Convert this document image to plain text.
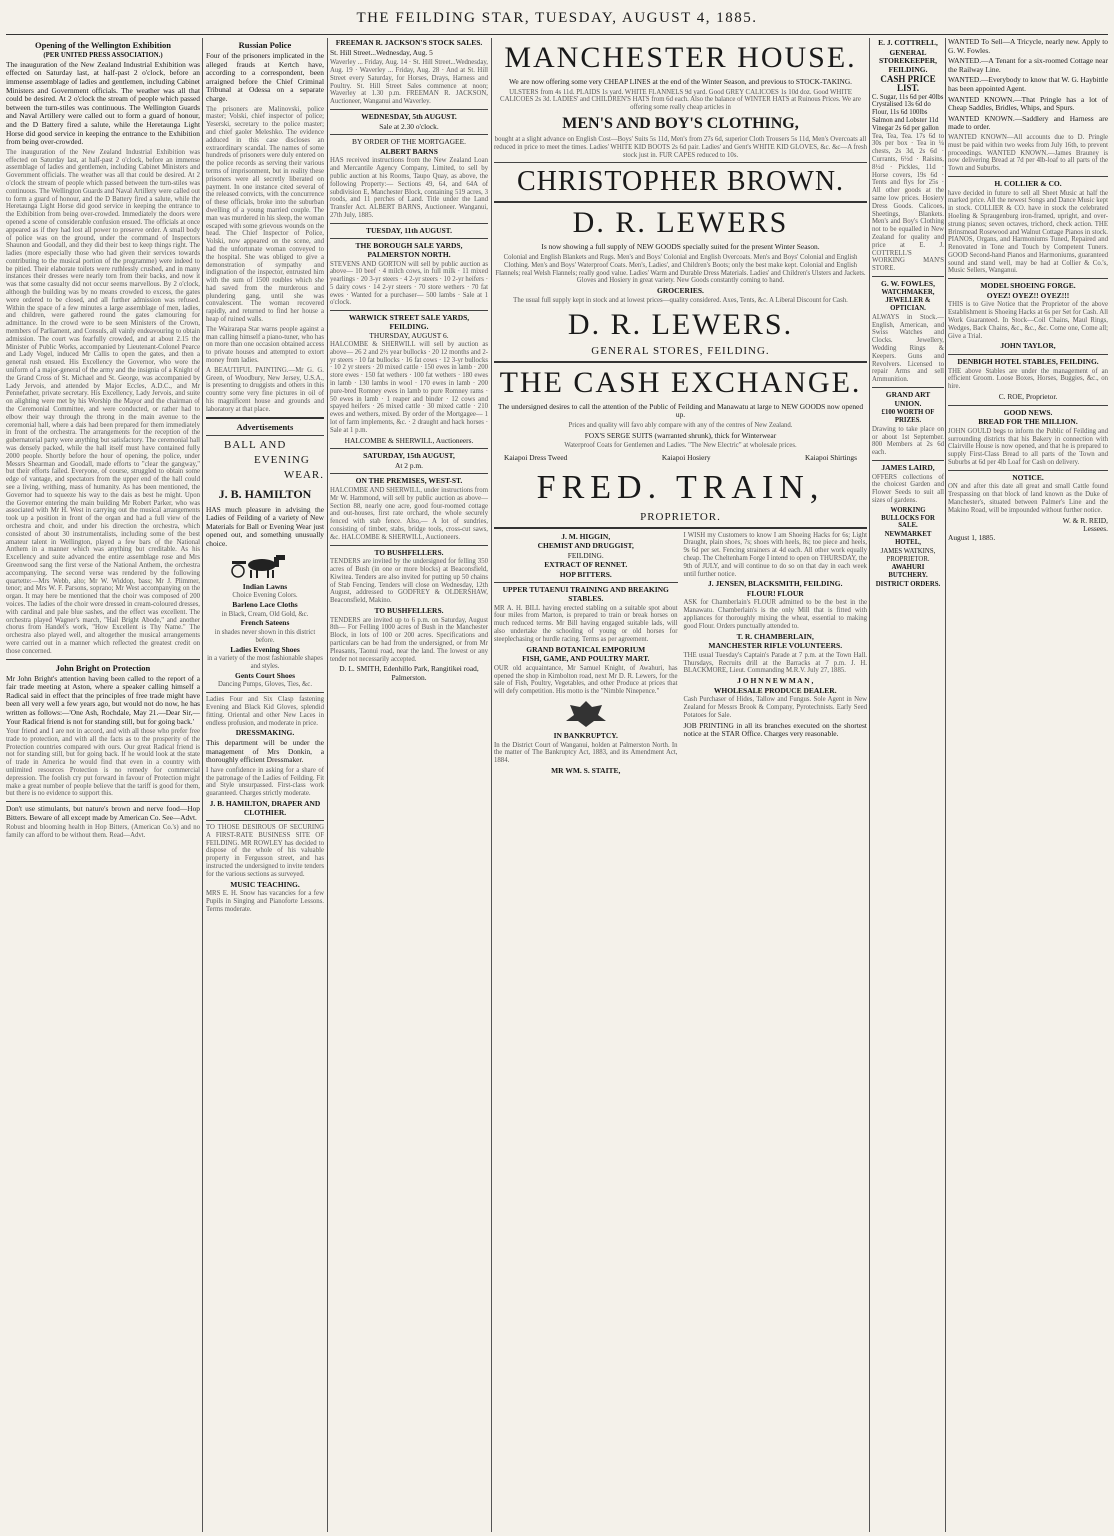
THE FEILDING STAR, TUESDAY, AUGUST 4, 1885.
Opening of the Wellington Exhibition
(PER UNITED PRESS ASSOCIATION.)

The inauguration of the New Zealand Industrial Exhibition was effected on Saturday last, at half-past 2 o'clock, before an immense assemblage of ladies and gentlemen, including Cabinet Ministers and Government officials. The weather was all that could be desired. At 2 o'clock the stream of people which passed between the turn-stiles was continuous. The Wellington Guards and Naval Artillery were called out to form a guard of honour, and the D Battery fired a salute, while the Heretaunga Light Horse did good service in keeping the entrance to the Exhibition from being over-crowded.

The inauguration of the New Zealand Industrial Exhibition was effected on Saturday last, at half-past 2 o'clock, before an immense assemblage of ladies and gentlemen, including Cabinet Ministers and Government officials. The weather was all that could be desired. At 2 o'clock the stream of people which passed between the turn-stiles was continuous. The Wellington Guards and Naval Artillery were called out to form a guard of honour, and the D Battery fired a salute, while the Heretaunga Light Horse did good service in keeping the entrance to the Exhibition from being over-crowded. Immediately the doors were opened a scene of considerable confusion ensued. The officials at once appeared as if they had lost all power to preserve order. A small body of police was on the ground, under the command of Inspectors Shaunon and Goodall, and they did their best to keep things right. The ladies (more especially those who had given their services towards contributing to the musical portion of the programme) were indeed to be pitied. Their elaborate toilets were ruthlessly crushed, and in many instances their dresses were nearly torn from their backs, and now it was that some casualty did not occur seems marvellous. By 2 o'clock, although the building was by no means crowded to excess, the gates were ordered to be closed, and all further admission was refused. Within the space of a few minutes a large assemblage of men, ladies, and children, were gathered round the gates clamouring for admittance. In the crowd were to be seen Ministers of the Crown, members of Parliament, and Consuls, all vainly endeavouring to obtain admission. The court was fearfully crowded, and at about 2.15 the Minister of Public Works, accompanied by Lieutenant-Colonel Pearce and Lady Vogel, induced Mr Callis to open the gates, and then a general rush ensued. His Excellency the Governor, who wore the uniform of a major-general of the army and the insignia of a Knight of the Grand Cross of St. Michael and St. George, was accompanied by Lady Jervois, and attended by Major Eccles, A.D.C., and Mr Pennefather, private secretary. His Excellency, Lady Jervois, and suite on alighting were met by his Worship the Mayor and the chairman of the Ceremonial Committee, and were conducted, or rather had to elbow their way through the throng in the main avenue to the ceremonial hall, where a dais had been prepared for them immediately in front of the orchestra. The arrangements for the reception of the gubernatorial party were anything but satisfactory. The ceremonial hall was densely packed, while the hall itself must have contained fully 2000 people. Shortly before the hour of opening, the police, under Messrs Shearman and Goodall, made efforts to "clear the gangway," but their efforts failed. Everyone, of course, struggled to obtain some edge of vantage, and spectators from the upper end of the hall could see a living, writhing, mass of humanity. As has been mentioned, the Governor had to squeeze his way to the dais as best he might. Upon the Governor entering the main building Mr Robert Parker, who was associated with Mr H. West in carrying out the musical arrangements took up a position in front of the organ and had a full view of the orchestra and choir, and under his direction the orchestra, which consisted of about 30 instrumentalists, including some of the best amateur talent in Wellington, played a few bars of the National Anthem in a manner which was anything but creditable. As his Excellency and suite advanced the entire assemblage rose and Mrs Greenwood sang the first verse of the National Anthem, the orchestra accompanying. The second verse was rendered by the following quartette:—Mrs Webb, alto; Mr W. Widdop, bass; Mr J. Plimmer, tenor; and Mrs W. F. Parsons, soprano; Mr West accompanying on the organ. It may here be mentioned that the choir was composed of 200 voices. The ladies of the choir were dressed in cream-coloured dresses, with cardinal and pale blue sashes, and the effect was excellent. The orchestra played Wagner's march, "Hail Bright Abode," and another chorus from Handel's work, "How Excellent is Thy Name." The orchestra also played well, and altogether the musical arrangements were carried out in a manner which reflected the greatest credit on those concerned.

John Bright on Protection

Mr John Bright's attention having been called to the report of a fair trade meeting at Aston, where a speaker calling himself a Radical said in effect that the principles of free trade might have been all very well a few years ago, but would not do now, he has written as follows:—'One Ash, Rochdale, May 21.—Dear Sir,—Your Radical friend is not for standing still, but for going back.'

Your friend and I are not in accord, and with all those who prefer free trade to protection, and with all the facts as to the prosperity of the Protection countries compared with ours. Our great Radical friend is not for standing still, but for going back. If he would look at the state of trade in America he would find that even in a country with unlimited resources Protection is no remedy for commercial depression. The foolish cry put forward in favour of Protection might make a great number of people believe that the tariff is good for them, but there is no evidence to support this.

Don't use stimulants, but nature's brown and nerve food—Hop Bitters. Beware of all except made by American Co. See—Advt.

Robust and blooming health in Hop Bitters, (American Co.'s) and no family can afford to be without them. Read—Advt.

Russian Police

Four of the prisoners implicated in the alleged frauds at Kertch have, according to a correspondent, been arraigned before the Chief Criminal Tribunal at Odessa on a separate charge.

The prisoners are Malinovski, police master; Volski, chief inspector of police; Yeserski, secretary to the police master; and chief gaoler Meleshko. The evidence adduced in this case discloses an extraordinary scandal. The names of some hundreds of prisoners were duly entered on the police records as serving their various terms of imprisonment, but in reality these prisoners were all secretly liberated on payment. In one instance cited several of the released convicts, with the concurrence of these officials, broke into the suburban dwelling of a young married couple. The man was murdered in his sleep, the woman escaped with some grievous wounds on the head. The Chief Inspector of Police, Volski, now appeared on the scene, and had the unfortunate woman conveyed to the hospital. She was obliged to give a demonstration of sympathy and indignation of the inspector, entrusted him with the sum of 1500 roubles which she had saved from the murderous and plundering gang, until she was convalescent. The woman recovered rapidly, and returned to find her house a heap of ruined walls.

The Wairarapa Star warns people against a man calling himself a piano-tuner, who has on more than one occasion obtained access to private houses and attempted to extort money from ladies.

A BEAUTIFUL PAINTING.—Mr G. G. Green, of Woodbury, New Jersey, U.S.A., is presenting to druggists and others in this country some very fine pictures in oil of his magnificent house and grounds and laboratory at that place.

Advertisements
BALL AND
EVENING
WEAR.
J. B. HAMILTON

HAS much pleasure in advising the Ladies of Feilding of a variety of New Materials for Ball or Evening Wear just opened out, and something unusually choice.

Indian Lawns
Choice Evening Colors.
Barleno Lace Cloths
in Black, Cream, Old Gold, &c.
French Sateens
in shades never shown in this district before.
Ladies Evening Shoes
in a variety of the most fashionable shapes and styles.
Gents Court Shoes
Dancing Pumps, Gloves, Ties, &c.

Ladies Four and Six Clasp fastening Evening and Black Kid Gloves, splendid fitting. Oriental and other New Laces in endless profusion, and moderate in price.

DRESSMAKING.

This department will be under the management of Mrs Donkin, a thoroughly efficient Dressmaker.

I have confidence in asking for a share of the patronage of the Ladies of Feilding. Fit and Style unsurpassed. First-class work guaranteed. Charges strictly moderate.

J. B. HAMILTON, DRAPER AND CLOTHIER.

TO THOSE DESIROUS OF SECURING A FIRST-RATE BUSINESS SITE OF FEILDING. MR ROWLEY has decided to dispose of the whole of his valuable property in Fergusson street, and has instructed the undersigned to invite tenders for the various sections as surveyed.

MUSIC TEACHING.

MRS E. H. Snow has vacancies for a few Pupils in Singing and Pianoforte Lessons. Terms moderate.

FREEMAN R. JACKSON'S STOCK SALES.

St. Hill Street...Wednesday, Aug. 5

Waverley ... Friday, Aug. 14 · St. Hill Street...Wednesday, Aug. 19 · Waverley ... Friday, Aug. 28 · And at St. Hill Street every Saturday, for Horses, Drays, Harness and Poultry. St. Hill Street Sales commence at noon; Waverley at 1.30 p.m. FREEMAN R. JACKSON, Auctioneer, Wanganui and Waverley.

WEDNESDAY, 5th AUGUST.
Sale at 2.30 o'clock.
BY ORDER OF THE MORTGAGEE.
ALBERT BARNS

HAS received instructions from the New Zealand Loan and Mercantile Agency Company, Limited, to sell by public auction at his Rooms, Taupo Quay, as above, the following Property:— Sections 49, 64, and 64A of subdivision E, Manchester Block, containing 519 acres, 3 roods, and 11 perches of Land. Title under the Land Transfer Act. ALBERT BARNS, Auctioneer. Wanganui, 27th July, 1885.

TUESDAY, 11th AUGUST.
THE BOROUGH SALE YARDS, PALMERSTON NORTH.

STEVENS AND GORTON will sell by public auction as above— 10 beef · 4 milch cows, in full milk · 11 mixed yearlings · 20 3-yr steers · 4 2-yr steers · 10 2-yr heifers · 5 dairy cows · 14 2-yr steers · 70 store wethers · 70 fat ewes · Wanted for a purchaser— 500 lambs · Sale at 1 o'clock.

WARWICK STREET SALE YARDS, FEILDING.
THURSDAY, AUGUST 6.

HALCOMBE & SHERWILL will sell by auction as above— 26 2 and 2½ year bullocks · 20 12 months and 2-yr steers · 10 fat bullocks · 16 fat cows · 12 3-yr bullocks · 10 2 yr steers · 20 mixed cattle · 150 ewes in lamb · 200 store ewes · 150 fat wethers · 100 fat wethers · 180 ewes in lamb · 130 lambs in wool · 170 ewes in lamb · 200 pure-bred Romney ewes in lamb to pure Romney rams · 50 ewes in lamb · 1 reaper and binder · 12 cows and spayed heifers · 26 mixed cattle · 30 mixed cattle · 210 ewes and wethers, mixed. By order of the Mortgagee— 1 lot of farm implements, &c. · 2 draught and hack horses · Sale at 1 p.m.

HALCOMBE & SHERWILL, Auctioneers.
SATURDAY, 15th AUGUST,
At 2 p.m.
ON THE PREMISES, WEST-ST.

HALCOMBE AND SHERWILL, under instructions from Mr W. Hammond, will sell by public auction as above— Section 88, nearly one acre, good four-roomed cottage and out-houses, first rate orchard, the whole securely fenced with stab fence. Also,— A lot of sundries, consisting of timber, stabs, bridge tools, cross-cut saws, &c. HALCOMBE & SHERWILL, Auctioneers.

TO BUSHFELLERS.

TENDERS are invited by the undersigned for felling 350 acres of Bush (in one or more blocks) at Beaconsfield, Kiwitea. Tenders are also invited for putting up 50 chains of Stab Fencing. Tenders will close on Wednesday, 12th August, addressed to GODFREY & OLDERSHAW, Beaconsfield, Makino.

TO BUSHFELLERS.

TENDERS are invited up to 6 p.m. on Saturday, August 8th— For Felling 1000 acres of Bush in the Manchester Block, in lots of 100 or 200 acres. Specifications and particulars can be had from the undersigned, or from Mr Pleasants, Taonui road, near the land. The lowest or any tender not necessarily accepted.

D. L. SMITH, Edenhillo Park, Rangitikei road, Palmerston.
MANCHESTER HOUSE.

We are now offering some very CHEAP LINES at the end of the Winter Season, and previous to STOCK-TAKING.

ULSTERS from 4s 11d. PLAIDS 1s yard. WHITE FLANNELS 9d yard. Good GREY CALICOES 1s 10d doz. Good WHITE CALICOES 2s 3d. LADIES' and CHILDREN'S HATS from 6d each. Also the balance of WINTER HATS at Ruinous Prices. We are offering some really cheap articles in

MEN'S AND BOY'S CLOTHING,

bought at a slight advance on English Cost—Boys' Suits 5s 11d, Men's from 27s 6d, superior Cloth Trousers 5s 11d, Men's Overcoats all reduced in price to meet the times. Ladies' WHITE KID BOOTS 2s 6d pair. Ladies' and Gent's WHITE KID GLOVES, &c. &c—A fresh stock just in. FUR CAPES reduced to 10s.

CHRISTOPHER BROWN.
D. R. LEWERS

Is now showing a full supply of NEW GOODS specially suited for the present Winter Season.

Colonial and English Blankets and Rugs. Men's and Boys' Colonial and English Overcoats. Men's and Boys' Colonial and English Clothing. Men's and Boys' Waterproof Coats. Men's, Ladies', and Children's Boots; only the best make kept. Colonial and English Flannels; real Welsh Flannels; really good value. Ladies' Warm and Durable Dress Materials. Ladies' and Children's Ulsters and Jackets. Gloves and Hosiery in great variety. New Goods constantly coming to hand.

GROCERIES.

The usual full supply kept in stock and at lowest prices—quality considered. Axes, Tents, &c. A Liberal Discount for Cash.

D. R. LEWERS.
GENERAL STORES, FEILDING.
THE CASH EXCHANGE.

The undersigned desires to call the attention of the Public of Feilding and Manawatu at large to NEW GOODS now opened up.

Prices and quality will favo ably compare with any of the centres of New Zealand.

FOX'S SERGE SUITS (warranted shrunk), thick for Winterwear

Waterproof Coats for Gentlemen and Ladies. "The New Electric" at wholesale prices.

Kaiapoi Dress Tweed	Kaiapoi Hosiery	Kaiapoi Shirtings
FRED. TRAIN,
PROPRIETOR.
J. M. HIGGIN,
CHEMIST AND DRUGGIST,
FEILDING.
EXTRACT OF RENNET.
HOP BITTERS.
UPPER TUTAENUI TRAINING AND BREAKING STABLES.

MR A. H. BILL having erected stabling on a suitable spot about four miles from Marton, is prepared to train or break horses on much reduced terms. Mr Bill having engaged suitable lads, will also undertake the schooling of young or old horses for steeplechasing or hurdle racing. Terms as per agreement.

GRAND BOTANICAL EMPORIUM
FISH, GAME, AND POULTRY MART.

OUR old acquaintance, Mr Samuel Knight, of Awahuri, has opened the shop in Kimbolton road, next Mr D. R. Lewers, for the sale of Fish, Poultry, Vegetables, and other Produce at prices that will defy competition. His motto is the "Nimble Ninepence."

IN BANKRUPTCY.

In the District Court of Wanganui, holden at Palmerston North. In the matter of The Bankruptcy Act, 1883, and its Amendment Act, 1884.

MR WM. S. STAITE,

I WISH my Customers to know I am Shoeing Hacks for 6s; Light Draught, plain shoes, 7s; shoes with heels, 8s; toe piece and heels, 9s 6d per set. Fencing strainers at 4d each. All other work equally cheap. The Cheltenham Forge I intend to open on THURSDAY, the 9th of JULY, and will continue to do so on that day in each week until further notice.

J. JENSEN, BLACKSMITH, FEILDING.
FLOUR! FLOUR

ASK for Chamberlain's FLOUR admitted to be the best in the Manawatu. Chamberlain's is the only Mill that is fitted with appliances for thoroughly mixing the wheat, essential to making good Flour. Orders punctually attended to.

T. R. CHAMBERLAIN,
MANCHESTER RIFLE VOLUNTEERS.

THE usual Tuesday's Captain's Parade at 7 p.m. at the Town Hall. Thursdays, Recruits drill at the Barracks at 7 p.m. J. H. BLACKMORE, Lieut. Commanding M.R.V. July 27, 1885.

J O H N N E W M A N ,
WHOLESALE PRODUCE DEALER.

Cash Purchaser of Hides, Tallow and Fungus. Sole Agent in New Zealand for Messrs Brook & Company, Pyrotechnists. Early Seed Potatoes for Sale.

JOB PRINTING in all its branches executed on the shortest notice at the STAR Office. Charges very reasonable.

E. J. COTTRELL,
GENERAL STOREKEEPER, FEILDING.
CASH PRICE LIST.
C. Sugar, 11s 6d per 40lbs
Crystalised 13s 6d do
Flour, 11s 6d 100lbs
Salmon and Lobster 11d
Vinegar 2s 6d per gallon

Tea, Tea, Tea. 17s 6d to 30s per box · Tea in ¼ chests, 2s 3d, 2s 6d · Currants, 6½d · Raisins, 8½d · Pickles, 11d · Horse covers, 19s 6d · Tents and flys for 25s · All other goods at the same low prices. Hosiery Dress Goods. Calicoes, Sheetings, Blankets. Men's and Boy's Clothing not to be equalled in New Zealand for quality and price at E. J. COTTRELL'S WORKING MAN'S STORE.

G. W. FOWLES,
WATCHMAKER, JEWELLER & OPTICIAN.

ALWAYS in Stock.—English, American, and Swiss Watches and Clocks. Jewellery, Wedding Rings & Keepers. Guns and Revolvers. Licensed to repair Arms and sell Ammunition.

GRAND ART UNION.
£100 WORTH OF PRIZES.

Drawing to take place on or about 1st September. 800 Members at 2s 6d each.

JAMES LAIRD,

OFFERS collections of the choicest Garden and Flower Seeds to suit all sizes of gardens.

WORKING BULLOCKS FOR SALE.
NEWMARKET HOTEL,
JAMES WATKINS, PROPRIETOR.
AWAHURI BUTCHERY.
DISTRICT ORDERS.

WANTED To Sell—A Tricycle, nearly new. Apply to G. W. Fowles.

WANTED.—A Tenant for a six-roomed Cottage near the Railway Line.

WANTED.—Everybody to know that W. G. Haybittle has been appointed Agent.

WANTED KNOWN.—That Pringle has a lot of Cheap Saddles, Bridles, Whips, and Spurs.

WANTED KNOWN.—Saddlery and Harness are made to order.

WANTED KNOWN—All accounts due to D. Pringle must be paid within two weeks from July 16th, to prevent proceedings. WANTED KNOWN.—James Brauney is now delivering Bread at 7d per 4lb-loaf to all parts of the Town and Suburbs.

H. COLLIER & CO.

have decided in future to sell all Sheet Music at half the marked price. All the newest Songs and Dance Music kept in stock. COLLIER & CO. have in stock the celebrated Hoeling & Spraugenburg iron-framed, upright, and over-strung pianos; seven octaves, trichord, check action. THE Brinsmead Rosewood and Walnut Cottage Pianos in stock. PIANOS, Organs, and Harmoniums Tuned, Repaired and Renovated in Tone and Touch by Competent Tuners. GOOD Second-hand Pianos and Harmoniums, guaranteed sound and stand well, may be had at Collier & Co.'s, Music Sellers, Wanganui.

MODEL SHOEING FORGE.
OYEZ! OYEZ!! OYEZ!!!

THIS is to Give Notice that the Proprietor of the above Establishment is Shoeing Hacks at 6s per Set for Cash. All Work Guaranteed. In Stock—Coil Chains, Maul Rings, Wedges, Back Chains, &c., &c., &c. Come one, Come all; Give a Trial.

JOHN TAYLOR,
DENBIGH HOTEL STABLES, FEILDING.

THE above Stables are under the management of an efficient Groom. Loose Boxes, Horses, Buggies, &c., on hire.

C. ROE, Proprietor.
GOOD NEWS.
BREAD FOR THE MILLION.

JOHN GOULD begs to inform the Public of Feilding and surrounding districts that his Bakery in connection with Clairville House is now opened, and that he is prepared to supply First-Class Bread to all parts of the Town and Suburbs at 6d per 4lb Loaf for Cash on delivery.

NOTICE.

ON and after this date all great and small Cattle found Trespassing on that block of land known as the Duke of Manchester's, situated between Palmer's Line and the Makino Road, will be impounded without further notice.

W. & R. REID,
Lessees.
August 1, 1885.
